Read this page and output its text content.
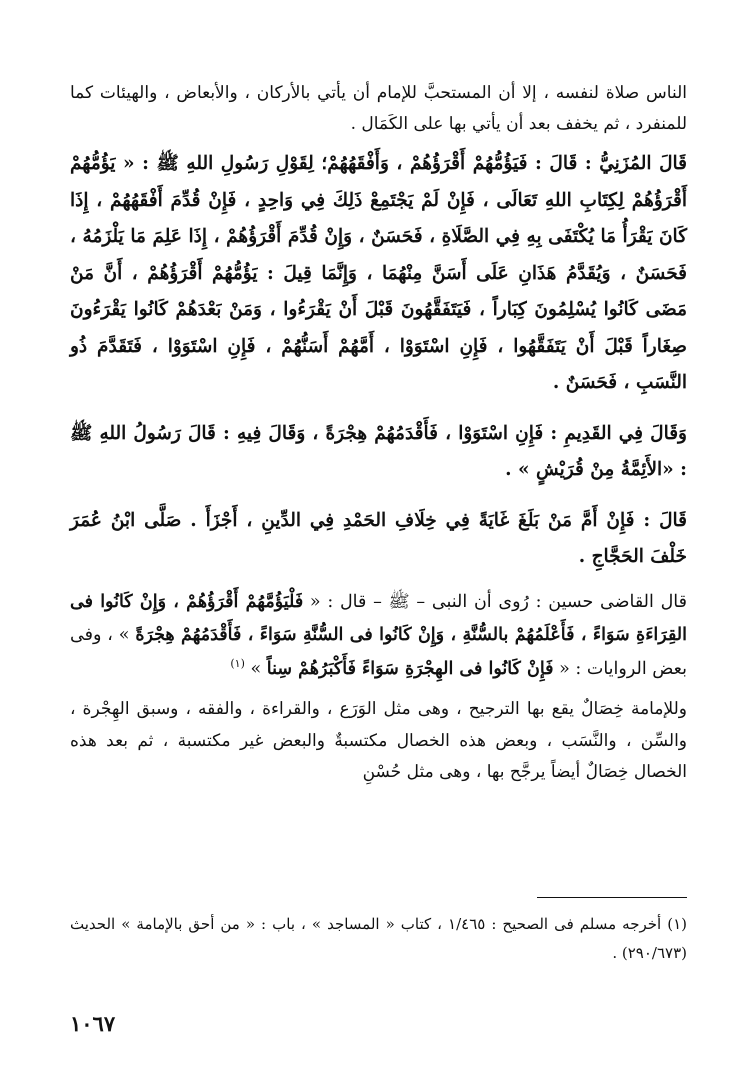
الناس صلاة لنفسه ، إلا أن المستحبَّ للإمام أن يأتي بالأركان ، والأبعاض ، والهيئات كما للمنفرد ، ثم يخفف بعد أن يأتي بها على الكَمَال .

قَالَ المُزَنِيُّ : قَالَ : فَيَؤُمُّهُمْ أَقْرَؤُهُمْ ، وَأَفْقَهُهُمْ؛ لِقَوْلِ رَسُولِ اللهِ ﷺ : « يَؤُمُّهُمْ أَقْرَؤُهُمْ لِكِتَابِ اللهِ تَعَالَى ، فَإِنْ لَمْ يَجْتَمِعْ ذَلِكَ فِي وَاحِدٍ ، فَإِنْ قُدِّمَ أَفْقَهُهُمْ ، إِذَا كَانَ يَقْرَأُ مَا يُكْتَفَى بِهِ فِي الصَّلَاةِ ، فَحَسَنٌ ، وَإِنْ قُدِّمَ أَقْرَؤُهُمْ ، إِذَا عَلِمَ مَا يَلْزَمُهُ ، فَحَسَنٌ ، وَيُقَدَّمُ هَذَانِ عَلَى أَسَنَّ مِنْهُمَا ، وَإِنَّمَا قِيلَ : يَؤُمُّهُمْ أَقْرَؤُهُمْ ، أَنَّ مَنْ مَضَى كَانُوا يُسْلِمُونَ كِبَاراً ، فَيَتَفَقَّهُونَ قَبْلَ أَنْ يَقْرَءُوا ، وَمَنْ بَعْدَهُمْ كَانُوا يَقْرَءُونَ صِغَاراً قَبْلَ أَنْ يَتَفَقَّهُوا ، فَإِنِ اسْتَوَوْا ، أَمَّهُمْ أَسَنُّهُمْ ، فَإِنِ اسْتَوَوْا ، فَتَقَدَّمَ ذُو النَّسَبِ ، فَحَسَنٌ .

وَقَالَ فِي القَدِيمِ : فَإِنِ اسْتَوَوْا ، فَأَقْدَمُهُمْ هِجْرَةً ، وَقَالَ فِيهِ : قَالَ رَسُولُ اللهِ ﷺ : «الأَئِمَّةُ مِنْ قُرَيْشٍ » .

قَالَ : فَإِنْ أَمَّ مَنْ بَلَغَ غَايَةً فِي خِلَافِ الحَمْدِ فِي الدِّينِ ، أَجْزَأَ . صَلَّى ابْنُ عُمَرَ خَلْفَ الحَجَّاجِ .

قال القاضى حسين : رُوى أن النبى – ﷺ – قال : « فَلْيَؤُمَّهُمْ أَقْرَؤُهُمْ ، وَإِنْ كَانُوا فى القِرَاءَةِ سَوَاءً ، فَأَعْلَمُهُمْ بالسُّنَّةِ ، وَإِنْ كَانُوا فى السُّنَّةِ سَوَاءً ، فَأَقْدَمُهُمْ هِجْرَةً » ، وفى بعض الروايات : « فَإِنْ كَانُوا فى الهِجْرَةِ سَوَاءً فَأَكْبَرُهُمْ سِناً » $^{(١)}$

وللإمامة خِصَالٌ يقع بها الترجيح ، وهى مثل الوَرَع ، والقراءة ، والفقه ، وسبق الهِجْرة ، والسِّن ، والنَّسَب ، وبعض هذه الخصال مكتسبةٌ والبعض غير مكتسبة ، ثم بعد هذه الخصال خِصَالٌ أيضاً يرجَّح بها ، وهى مثل حُسْنِ

(١) أخرجه مسلم فى الصحيح : ١/٤٦٥ ، كتاب « المساجد » ، باب : « من أحق بالإمامة » الحديث (٢٩٠/٦٧٣) .

١٠٦٧
